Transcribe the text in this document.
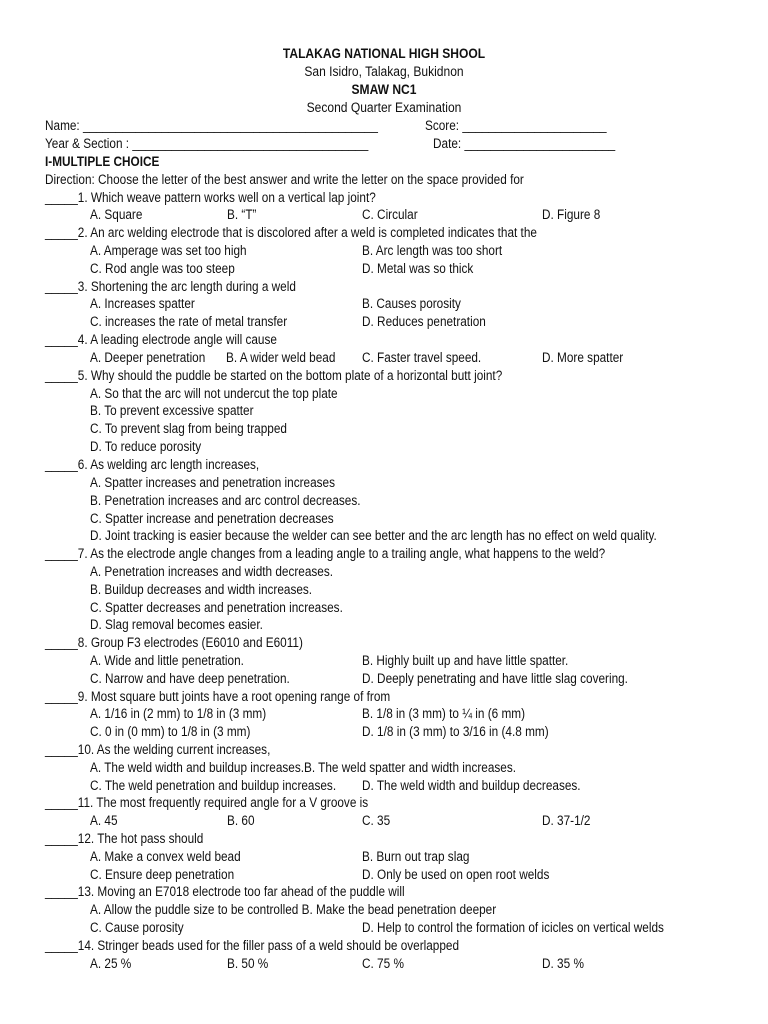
TALAKAG NATIONAL HIGH SHOOL
San Isidro, Talakag, Bukidnon
SMAW NC1
Second Quarter Examination
Name: _____________________________________________	Score: ______________________
Year & Section : ____________________________________	Date: _______________________
I-MULTIPLE CHOICE
Direction: Choose the letter of the best answer and write the letter on the space provided for
_____1. Which weave pattern works well on a vertical lap joint?
A. Square	B. “T”	C. Circular	D. Figure 8
_____2. An arc welding electrode that is discolored after a weld is completed indicates that the
A. Amperage was set too high	B. Arc length was too short
C. Rod angle was too steep	D. Metal was so thick
_____3. Shortening the arc length during a weld
A. Increases spatter	B. Causes porosity
C. increases the rate of metal transfer	D. Reduces penetration
_____4. A leading electrode angle will cause
A. Deeper penetration B. A wider weld bead C. Faster travel speed.	D. More spatter
_____5. Why should the puddle be started on the bottom plate of a horizontal butt joint?
A. So that the arc will not undercut the top plate
B. To prevent excessive spatter
C. To prevent slag from being trapped
D. To reduce porosity
_____6. As welding arc length increases,
A. Spatter increases and penetration increases
B. Penetration increases and arc control decreases.
C. Spatter increase and penetration decreases
D. Joint tracking is easier because the welder can see better and the arc length has no effect on weld quality.
_____7. As the electrode angle changes from a leading angle to a trailing angle, what happens to the weld?
A. Penetration increases and width decreases.
B. Buildup decreases and width increases.
C. Spatter decreases and penetration increases.
D. Slag removal becomes easier.
_____8. Group F3 electrodes (E6010 and E6011)
A. Wide and little penetration.	B. Highly built up and have little spatter.
C. Narrow and have deep penetration.	D. Deeply penetrating and have little slag covering.
_____9. Most square butt joints have a root opening range of from
A. 1/16 in (2 mm) to 1/8 in (3 mm)	B. 1/8 in (3 mm) to ¼ in (6 mm)
C. 0 in (0 mm) to 1/8 in (3 mm)	D. 1/8 in (3 mm) to 3/16 in (4.8 mm)
_____10. As the welding current increases,
A. The weld width and buildup increases.B. The weld spatter and width increases.
C. The weld penetration and buildup increases. D. The weld width and buildup decreases.
_____11. The most frequently required angle for a V groove is
A. 45	B. 60	C. 35	D. 37-1/2
_____12. The hot pass should
A. Make a convex weld bead	B. Burn out trap slag
C. Ensure deep penetration	D. Only be used on open root welds
_____13. Moving an E7018 electrode too far ahead of the puddle will
A. Allow the puddle size to be controlled B. Make the bead penetration deeper
C. Cause porosity	D. Help to control the formation of icicles on vertical welds
_____14. Stringer beads used for the filler pass of a weld should be overlapped
A. 25 %	B. 50 %	C. 75 %	D. 35 %
